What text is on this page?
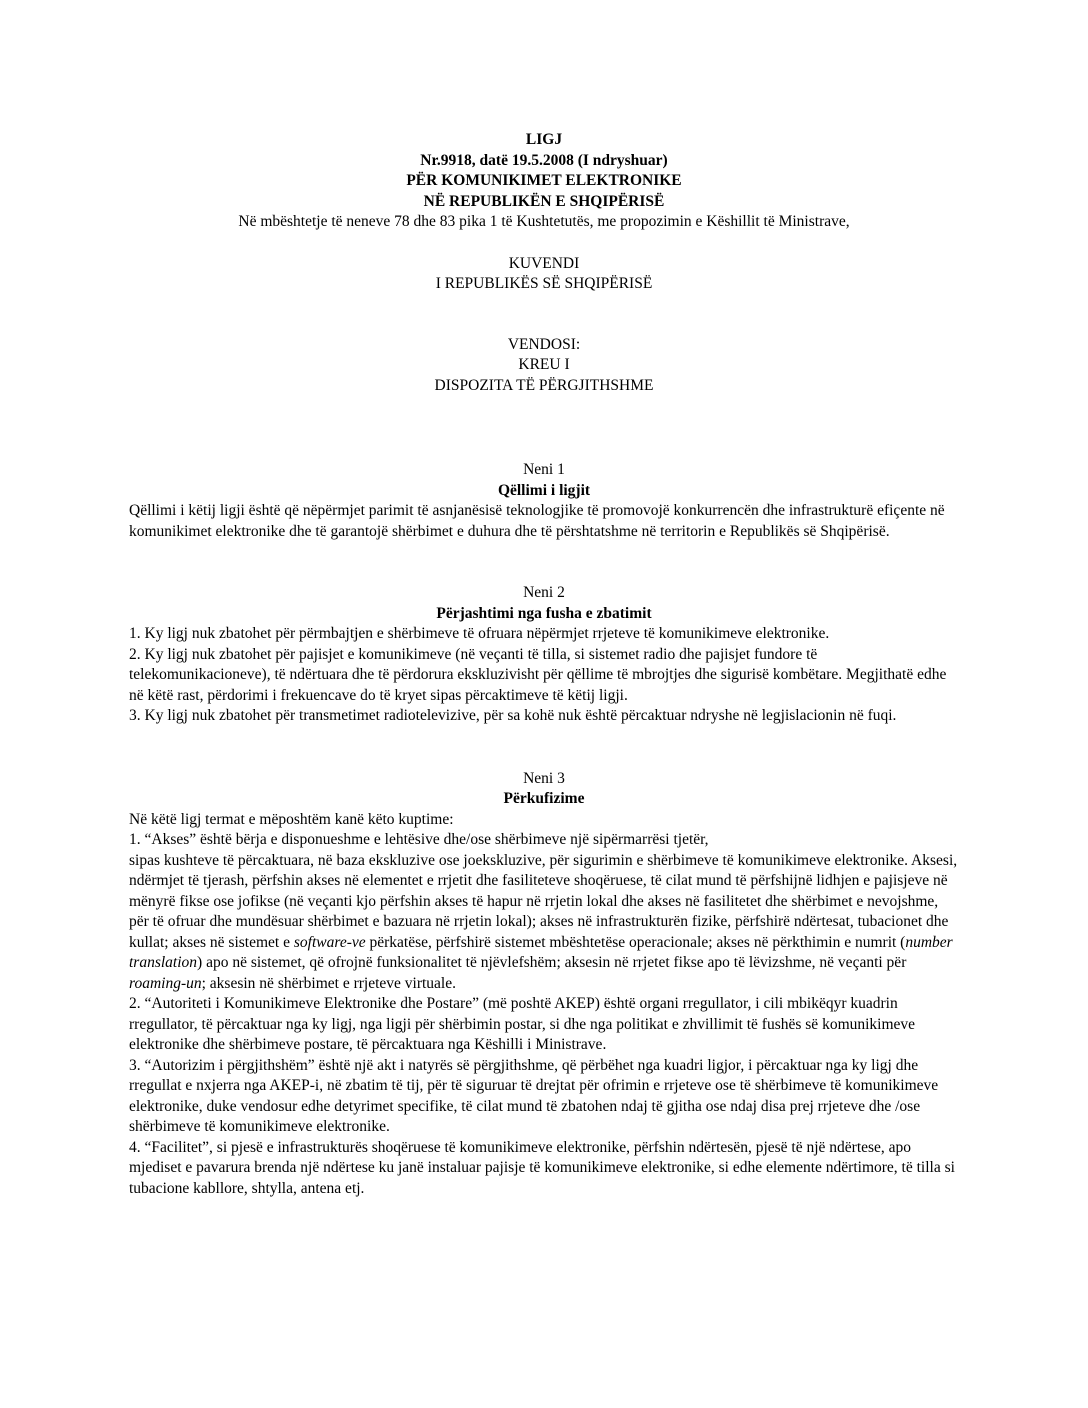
LIGJ

Nr.9918, datë 19.5.2008 (I ndryshuar)

PËR KOMUNIKIMET ELEKTRONIKE

NË REPUBLIKËN E SHQIPËRISË

Në mbështetje të neneve 78 dhe 83 pika 1 të Kushtetutës, me propozimin e Këshillit të Ministrave,

KUVENDI

I REPUBLIKËS SË SHQIPËRISË

VENDOSI:

KREU I

DISPOZITA TË PËRGJITHSHME

Neni 1

Qëllimi i ligjit

Qëllimi i këtij ligji është që nëpërmjet parimit të asnjanësisë teknologjike të promovojë konkurrencën dhe infrastrukturë efiçente në komunikimet elektronike dhe të garantojë shërbimet e duhura dhe të përshtatshme në territorin e Republikës së Shqipërisë.

Neni 2

Përjashtimi nga fusha e zbatimit

1. Ky ligj nuk zbatohet për përmbajtjen e shërbimeve të ofruara nëpërmjet rrjeteve të komunikimeve elektronike.

2. Ky ligj nuk zbatohet për pajisjet e komunikimeve (në veçanti të tilla, si sistemet radio dhe pajisjet fundore të telekomunikacioneve), të ndërtuara dhe të përdorura ekskluzivisht për qëllime të mbrojtjes dhe sigurisë kombëtare. Megjithatë edhe në këtë rast, përdorimi i frekuencave do të kryet sipas përcaktimeve të këtij ligji.

3. Ky ligj nuk zbatohet për transmetimet radiotelevizive, për sa kohë nuk është përcaktuar ndryshe në legjislacionin në fuqi.

Neni 3

Përkufizime

Në këtë ligj termat e mëposhtëm kanë këto kuptime:

1. “Akses” është bërja e disponueshme e lehtësive dhe/ose shërbimeve një sipërmarrësi tjetër,

sipas kushteve të përcaktuara, në baza ekskluzive ose joekskluzive, për sigurimin e shërbimeve të komunikimeve elektronike. Aksesi, ndërmjet të tjerash, përfshin akses në elementet e rrjetit dhe fasiliteteve shoqëruese, të cilat mund të përfshijnë lidhjen e pajisjeve në mënyrë fikse ose jofikse (në veçanti kjo përfshin akses të hapur në rrjetin lokal dhe akses në fasilitetet dhe shërbimet e nevojshme, për të ofruar dhe mundësuar shërbimet e bazuara në rrjetin lokal); akses në infrastrukturën fizike, përfshirë ndërtesat, tubacionet dhe kullat; akses në sistemet e software-ve përkatëse, përfshirë sistemet mbështetëse operacionale; akses në përkthimin e numrit (number translation) apo në sistemet, që ofrojnë funksionalitet të njëvlefshëm; aksesin në rrjetet fikse apo të lëvizshme, në veçanti për roaming-un; aksesin në shërbimet e rrjeteve virtuale.

2. “Autoriteti i Komunikimeve Elektronike dhe Postare” (më poshtë AKEP) është organi rregullator, i cili mbikëqyr kuadrin rregullator, të përcaktuar nga ky ligj, nga ligji për shërbimin postar, si dhe nga politikat e zhvillimit të fushës së komunikimeve elektronike dhe shërbimeve postare, të përcaktuara nga Këshilli i Ministrave.

3. “Autorizim i përgjithshëm” është një akt i natyrës së përgjithshme, që përbëhet nga kuadri ligjor, i përcaktuar nga ky ligj dhe rregullat e nxjerra nga AKEP-i, në zbatim të tij, për të siguruar të drejtat për ofrimin e rrjeteve ose të shërbimeve të komunikimeve elektronike, duke vendosur edhe detyrimet specifike, të cilat mund të zbatohen ndaj të gjitha ose ndaj disa prej rrjeteve dhe /ose shërbimeve të komunikimeve elektronike.

4. “Facilitet”, si pjesë e infrastrukturës shoqëruese të komunikimeve elektronike, përfshin ndërtesën, pjesë të një ndërtese, apo mjediset e pavarura brenda një ndërtese ku janë instaluar pajisje të komunikimeve elektronike, si edhe elemente ndërtimore, të tilla si tubacione kabllore, shtylla, antena etj.
